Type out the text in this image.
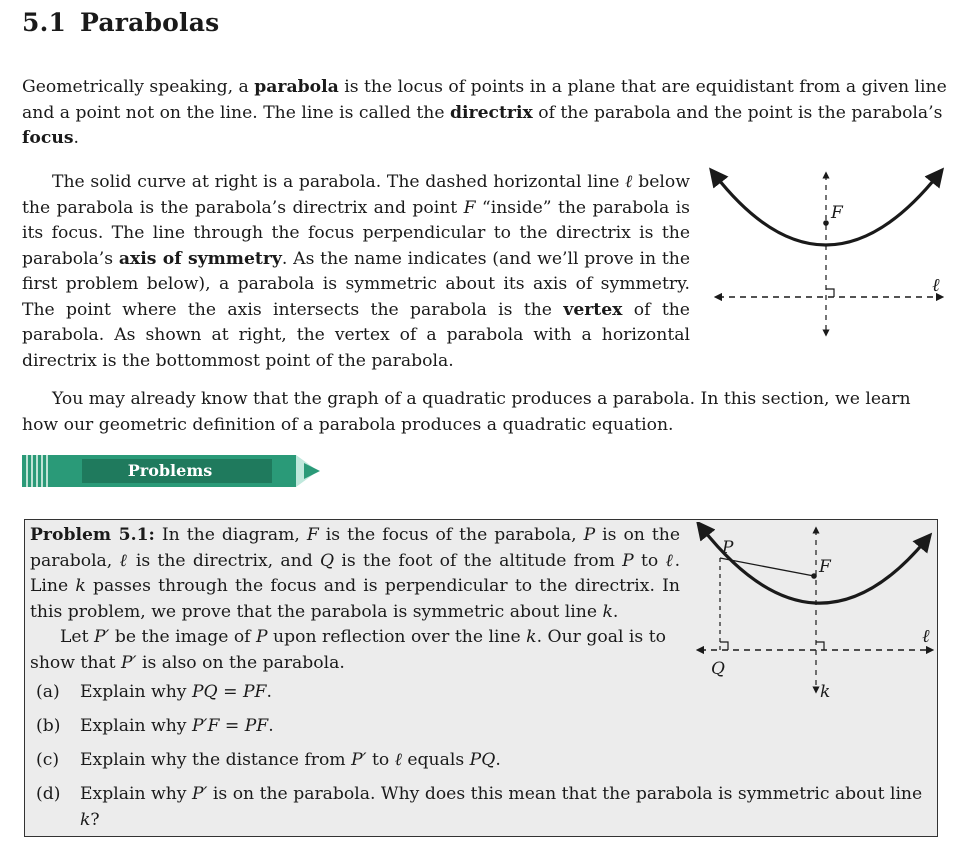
5.1 Parabolas

Geometrically speaking, a parabola is the locus of points in a plane that are equidistant from a given line and a point not on the line. The line is called the directrix of the parabola and the point is the parabola’s focus.

The solid curve at right is a parabola. The dashed horizontal line ℓ below the parabola is the parabola’s directrix and point F “inside” the parabola is its focus. The line through the focus perpendicular to the directrix is the parabola’s axis of symmetry. As the name indicates (and we’ll prove in the first problem below), a parabola is symmetric about its axis of symmetry. The point where the axis intersects the parabola is the vertex of the parabola. As shown at right, the vertex of a parabola with a horizontal directrix is the bottommost point of the parabola.

F
ℓ

You may already know that the graph of a quadratic produces a parabola. In this section, we learn how our geometric definition of a parabola produces a quadratic equation.

Problems
Problem 5.1: In the diagram, F is the focus of the parabola, P is on the parabola, ℓ is the directrix, and Q is the foot of the altitude from P to ℓ. Line k passes through the focus and is perpendicular to the directrix. In this problem, we prove that the parabola is symmetric about line k.
Let P′ be the image of P upon reflection over the line k. Our goal is to show that P′ is also on the parabola.
(a)	Explain why PQ = PF.
(b)	Explain why P′F = PF.
(c)	Explain why the distance from P′ to ℓ equals PQ.
(d)	Explain why P′ is on the parabola. Why does this mean that the parabola is symmetric about line k?
P
F
Q
k
ℓ
